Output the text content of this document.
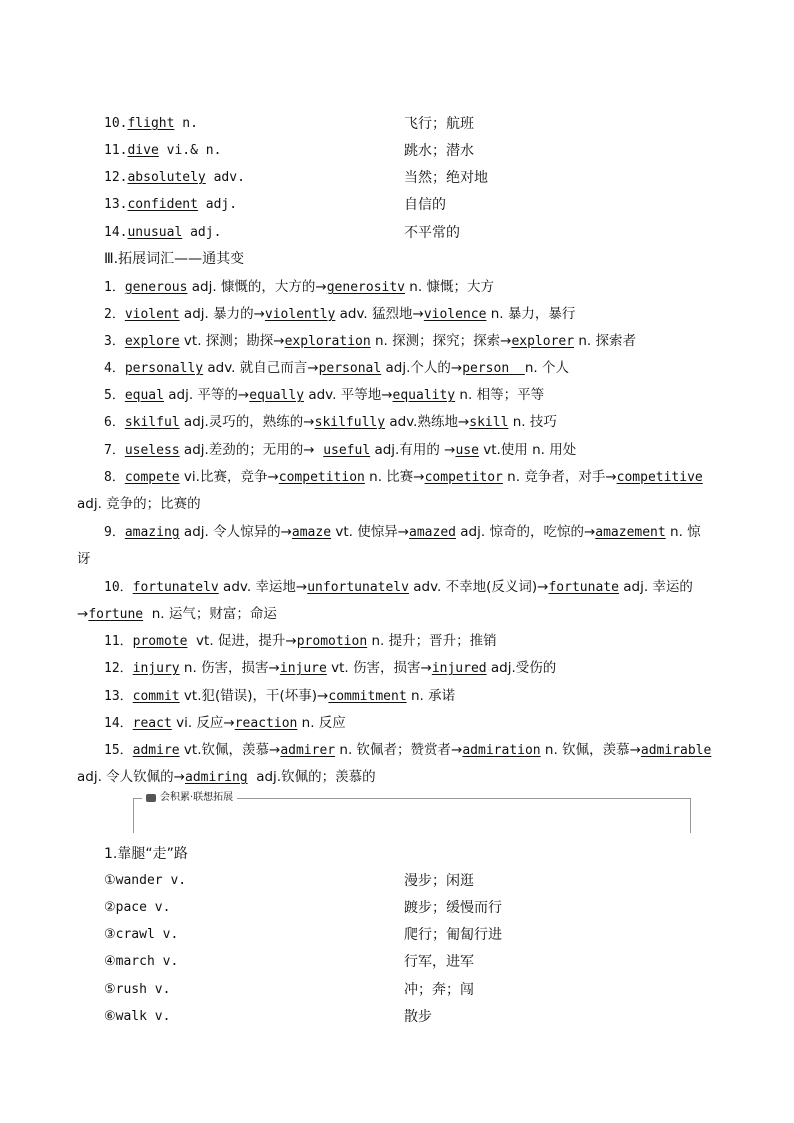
10.flight n.	飞行；航班
11.dive vi.& n.	跳水；潜水
12.absolutely adv.	当然；绝对地
13.confident adj.	自信的
14.unusual adj.	不平常的
Ⅲ.拓展词汇——通其变
1．generous adj. 慷慨的，大方的→generositv n. 慷慨；大方
2．violent adj. 暴力的→violently adv. 猛烈地→violence n. 暴力，暴行
3．explore vt. 探测；勘探→exploration n. 探测；探究；探索→explorer n. 探索者
4．personally adv. 就自己而言→personal adj.个人的→person  n. 个人
5．equal adj. 平等的→equally adv. 平等地→equality n. 相等；平等
6．skilful adj.灵巧的，熟练的→skilfully adv.熟练地→skill n. 技巧
7．useless adj.差劲的；无用的→  useful adj.有用的 →use vt.使用 n. 用处
8．compete vi.比赛，竞争→competition n. 比赛→competitor n. 竞争者，对手→competitive
adj. 竞争的；比赛的
9．amazing adj. 令人惊异的→amaze vt. 使惊异→amazed adj. 惊奇的，吃惊的→amazement n. 惊
讶
10．fortunatelv adv. 幸运地→unfortunatelv adv. 不幸地(反义词)→fortunate adj. 幸运的
→fortune  n. 运气；财富；命运
11．promote  vt. 促进，提升→promotion n. 提升；晋升；推销
12．injury n. 伤害，损害→injure vt. 伤害，损害→injured adj.受伤的
13．commit vt.犯(错误)，干(坏事)→commitment n. 承诺
14．react vi. 反应→reaction n. 反应
15．admire vt.钦佩，羡慕→admirer n. 钦佩者；赞赏者→admiration n. 钦佩，羡慕→admirable
adj. 令人钦佩的→admiring  adj.钦佩的；羡慕的
会积累·联想拓展
1.靠腿“走”路
①wander v.	漫步；闲逛
②pace v.	踱步；缓慢而行
③crawl v.	爬行；匍匐行进
④march v.	行军，进军
⑤rush v.	冲；奔；闯
⑥walk v.	散步
